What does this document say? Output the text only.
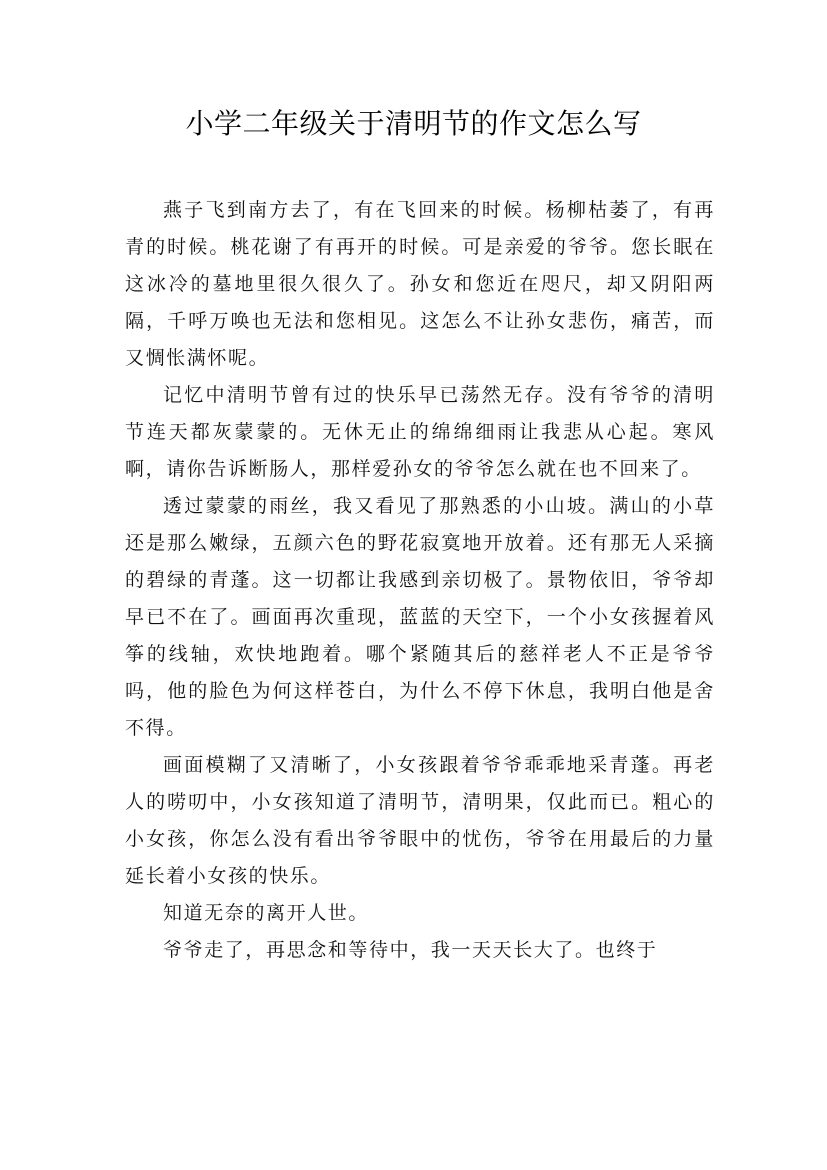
小学二年级关于清明节的作文怎么写

燕子飞到南方去了，有在飞回来的时候。杨柳枯萎了，有再青的时候。桃花谢了有再开的时候。可是亲爱的爷爷。您长眠在这冰冷的墓地里很久很久了。孙女和您近在咫尺，却又阴阳两隔，千呼万唤也无法和您相见。这怎么不让孙女悲伤，痛苦，而又惆怅满怀呢。

记忆中清明节曾有过的快乐早已荡然无存。没有爷爷的清明节连天都灰蒙蒙的。无休无止的绵绵细雨让我悲从心起。寒风啊，请你告诉断肠人，那样爱孙女的爷爷怎么就在也不回来了。

透过蒙蒙的雨丝，我又看见了那熟悉的小山坡。满山的小草还是那么嫩绿，五颜六色的野花寂寞地开放着。还有那无人采摘的碧绿的青蓬。这一切都让我感到亲切极了。景物依旧，爷爷却早已不在了。画面再次重现，蓝蓝的天空下，一个小女孩握着风筝的线轴，欢快地跑着。哪个紧随其后的慈祥老人不正是爷爷吗，他的脸色为何这样苍白，为什么不停下休息，我明白他是舍不得。

画面模糊了又清晰了，小女孩跟着爷爷乖乖地采青蓬。再老人的唠叨中，小女孩知道了清明节，清明果，仅此而已。粗心的小女孩，你怎么没有看出爷爷眼中的忧伤，爷爷在用最后的力量延长着小女孩的快乐。

知道无奈的离开人世。

爷爷走了，再思念和等待中，我一天天长大了。也终于
